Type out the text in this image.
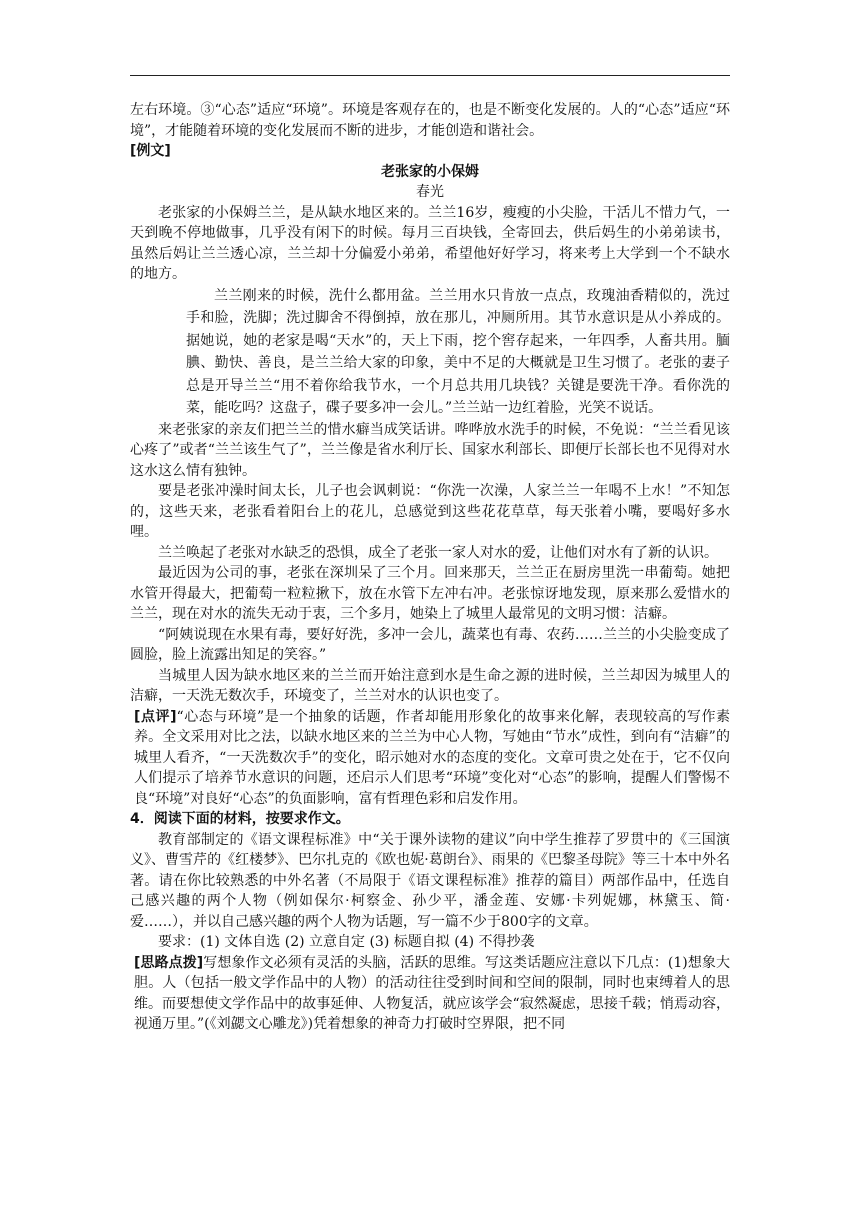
左右环境。③“心态”适应“环境”。环境是客观存在的，也是不断变化发展的。人的“心态”适应“环境”，才能随着环境的变化发展而不断的进步，才能创造和谐社会。

[例文]

老张家的小保姆

春光

老张家的小保姆兰兰，是从缺水地区来的。兰兰16岁，瘦瘦的小尖脸，干活儿不惜力气，一天到晚不停地做事，几乎没有闲下的时候。每月三百块钱，全寄回去，供后妈生的小弟弟读书，虽然后妈让兰兰透心凉，兰兰却十分偏爱小弟弟，希望他好好学习，将来考上大学到一个不缺水的地方。

兰兰刚来的时候，洗什么都用盆。兰兰用水只肯放一点点，玫瑰油香精似的，洗过手和脸，洗脚；洗过脚舍不得倒掉，放在那儿，冲厕所用。其节水意识是从小养成的。据她说，她的老家是喝“天水”的，天上下雨，挖个窖存起来，一年四季，人畜共用。腼腆、勤快、善良，是兰兰给大家的印象，美中不足的大概就是卫生习惯了。老张的妻子总是开导兰兰“用不着你给我节水，一个月总共用几块钱？关键是要洗干净。看你洗的菜，能吃吗？这盘子，碟子要多冲一会儿。”兰兰站一边红着脸，光笑不说话。

来老张家的亲友们把兰兰的惜水癖当成笑话讲。哗哗放水洗手的时候，不免说：“兰兰看见该心疼了”或者“兰兰该生气了”，兰兰像是省水利厅长、国家水利部长、即便厅长部长也不见得对水这水这么情有独钟。

要是老张冲澡时间太长，儿子也会讽刺说：“你洗一次澡，人家兰兰一年喝不上水！”不知怎的，这些天来，老张看着阳台上的花儿，总感觉到这些花花草草，每天张着小嘴，要喝好多水哩。

兰兰唤起了老张对水缺乏的恐惧，成全了老张一家人对水的爱，让他们对水有了新的认识。

最近因为公司的事，老张在深圳呆了三个月。回来那天，兰兰正在厨房里洗一串葡萄。她把水管开得最大，把葡萄一粒粒揪下，放在水管下左冲右冲。老张惊讶地发现，原来那么爱惜水的兰兰，现在对水的流失无动于衷，三个多月，她染上了城里人最常见的文明习惯：洁癖。

“阿姨说现在水果有毒，要好好洗，多冲一会儿，蔬菜也有毒、农药……兰兰的小尖脸变成了圆脸，脸上流露出知足的笑容。”

当城里人因为缺水地区来的兰兰而开始注意到水是生命之源的进时候，兰兰却因为城里人的洁癖，一天洗无数次手，环境变了，兰兰对水的认识也变了。

[点评]“心态与环境”是一个抽象的话题，作者却能用形象化的故事来化解，表现较高的写作素养。全文采用对比之法，以缺水地区来的兰兰为中心人物，写她由“节水”成性，到向有“洁癖”的城里人看齐，“一天洗数次手”的变化，昭示她对水的态度的变化。文章可贵之处在于，它不仅向人们提示了培养节水意识的问题，还启示人们思考“环境”变化对“心态”的影响，提醒人们警惕不良“环境”对良好“心态”的负面影响，富有哲理色彩和启发作用。

4．阅读下面的材料，按要求作文。

教育部制定的《语文课程标准》中“关于课外读物的建议”向中学生推荐了罗贯中的《三国演义》、曹雪芹的《红楼梦》、巴尔扎克的《欧也妮·葛朗台》、雨果的《巴黎圣母院》等三十本中外名著。请在你比较熟悉的中外名著（不局限于《语文课程标准》推荐的篇目）两部作品中，任选自己感兴趣的两个人物（例如保尔·柯察金、孙少平，潘金莲、安娜·卡列妮娜，林黛玉、简·爱……），并以自己感兴趣的两个人物为话题，写一篇不少于800字的文章。

要求：(1) 文体自选 (2) 立意自定 (3) 标题自拟 (4) 不得抄袭

[思路点拨]写想象作文必须有灵活的头脑，活跃的思维。写这类话题应注意以下几点：(1)想象大胆。人（包括一般文学作品中的人物）的活动往往受到时间和空间的限制，同时也束缚着人的思维。而要想使文学作品中的故事延伸、人物复活，就应该学会“寂然凝虑，思接千载；悄焉动容，视通万里。”(《刘勰文心雕龙》)凭着想象的神奇力打破时空界限，把不同
